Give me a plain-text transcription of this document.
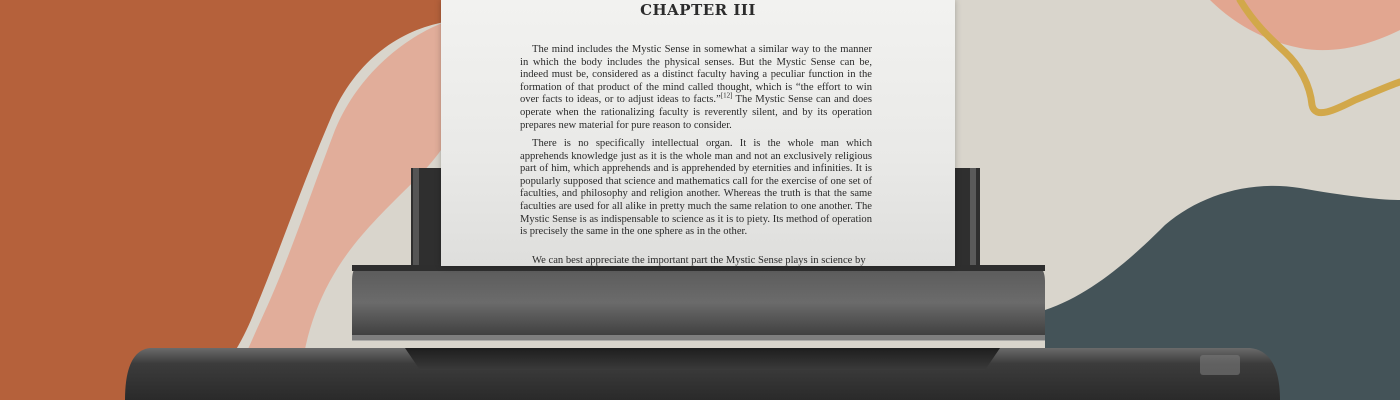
CHAPTER III

The mind includes the Mystic Sense in somewhat a similar way to the manner in which the body includes the physical senses. But the Mystic Sense can be, indeed must be, considered as a distinct faculty having a peculiar function in the formation of that product of the mind called thought, which is “the effort to win over facts to ideas, or to adjust ideas to facts.”[12] The Mystic Sense can and does operate when the rationalizing faculty is reverently silent, and by its operation prepares new material for pure reason to consider.

There is no specifically intellectual organ. It is the whole man which apprehends knowledge just as it is the whole man and not an exclusively religious part of him, which apprehends and is apprehended by eternities and infinities. It is popularly supposed that science and mathematics call for the exercise of one set of faculties, and philosophy and religion another. Whereas the truth is that the same faculties are used for all alike in pretty much the same relation to one another. The Mystic Sense is as indispensable to science as it is to piety. Its method of operation is precisely the same in the one sphere as in the other.

We can best appreciate the important part the Mystic Sense plays in science by
